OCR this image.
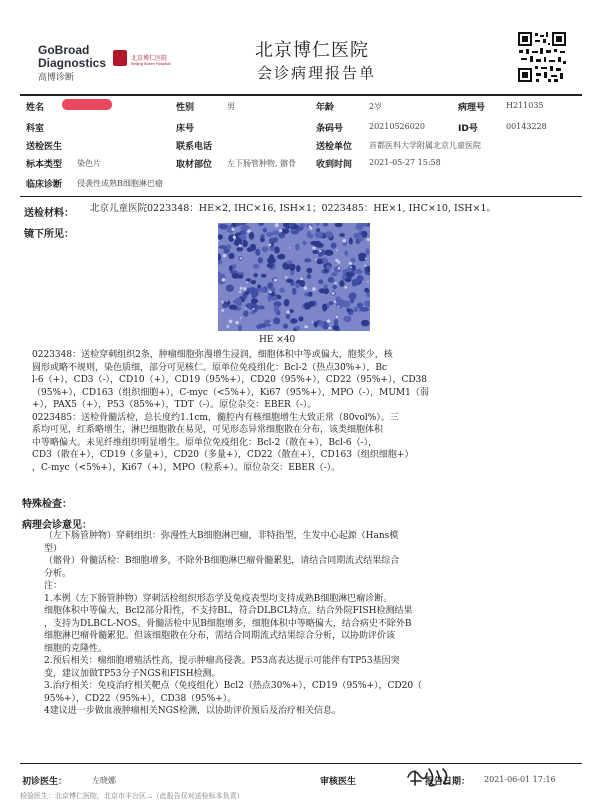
GoBroad
Diagnostics
高博诊断
北京博仁医院
Beijing Boren Hospital
北京博仁医院
会诊病理报告单
姓名	性别	男	年龄	2岁	病理号	H211035
科室	床号	条码号	20210526020	ID号	00143228
送检医生	联系电话	送检单位 首都医科大学附属北京儿童医院
标本类型 染色片	取材部位 左下肠管肿物, 髂骨 收到时间 2021-05-27 15:58
临床诊断 侵袭性成熟B细胞淋巴瘤
送检材料： 北京儿童医院0223348：HE×2, IHC×16, ISH×1；0223485：HE×1, IHC×10, ISH×1。
镜下所见：
HE ×40
0223348：送检穿刺组织2条，肿瘤细胞弥漫增生浸润，细胞体积中等或偏大，胞浆少，核
圆形或略不规则，染色质细，部分可见核仁。原单位免疫组化：Bcl-2（热点30%+），Bc
l-6（+），CD3（-），CD10（+），CD19（95%+），CD20（95%+），CD22（95%+），CD38
（95%+），CD163（组织细胞+），C-myc（<5%+），Ki67（95%+），MPO（-），MUM1（弱
+），PAX5（+），P53（85%+），TDT（-）。原位杂交：EBER（-）。
0223485：送检骨髓活检，总长度约1.1cm，髓腔内有核细胞增生大致正常（80vol%）。三
系均可见，红系略增生，淋巴细胞散在易见，可见形态异常细胞散在分布，该类细胞体积
中等略偏大。未见纤维组织明显增生。原单位免疫组化：Bcl-2（散在+），Bcl-6（-），
CD3（散在+），CD19（多量+），CD20（多量+），CD22（散在+），CD163（组织细胞+）
，C-myc（<5%+），Ki67（+），MPO（粒系+）。原位杂交：EBER（-）。
特殊检查：
病理会诊意见：
（左下肠管肿物）穿刺组织：弥漫性大B细胞淋巴瘤，非特指型，生发中心起源（Hans模
型）
（髂骨）骨髓活检：B细胞增多，不除外B细胞淋巴瘤骨髓累犯，请结合同期流式结果综合
分析。
注：
1.本例（左下肠管肿物）穿刺活检组织形态学及免疫表型均支持成熟B细胞淋巴瘤诊断。
细胞体积中等偏大，Bcl2部分阳性，不支持BL，符合DLBCL特点。结合外院FISH检测结果
，支持为DLBCL-NOS。骨髓活检中见B细胞增多，细胞体积中等略偏大，结合病史不除外B
细胞淋巴瘤骨髓累犯。但该细胞散在分布，需结合同期流式结果综合分析，以协助评价该
细胞的克隆性。
2.预后相关：瘤细胞增殖活性高，提示肿瘤高侵袭。P53高表达提示可能伴有TP53基因突
变，建议加做TP53分子NGS和FISH检测。
3.治疗相关：免疫治疗相关靶点（免疫组化）Bcl2（热点30%+），CD19（95%+），CD20（
95%+），CD22（95%+），CD38（95%+）。
4建议进一步做血液肿瘤相关NGS检测，以协助评价预后及治疗相关信息。
初诊医生：	左晓娜	审核医生	报告日期： 2021-06-01 17:16
检验医生：北京博仁医院，北京市丰台区...（此报告仅对送检标本负责）
